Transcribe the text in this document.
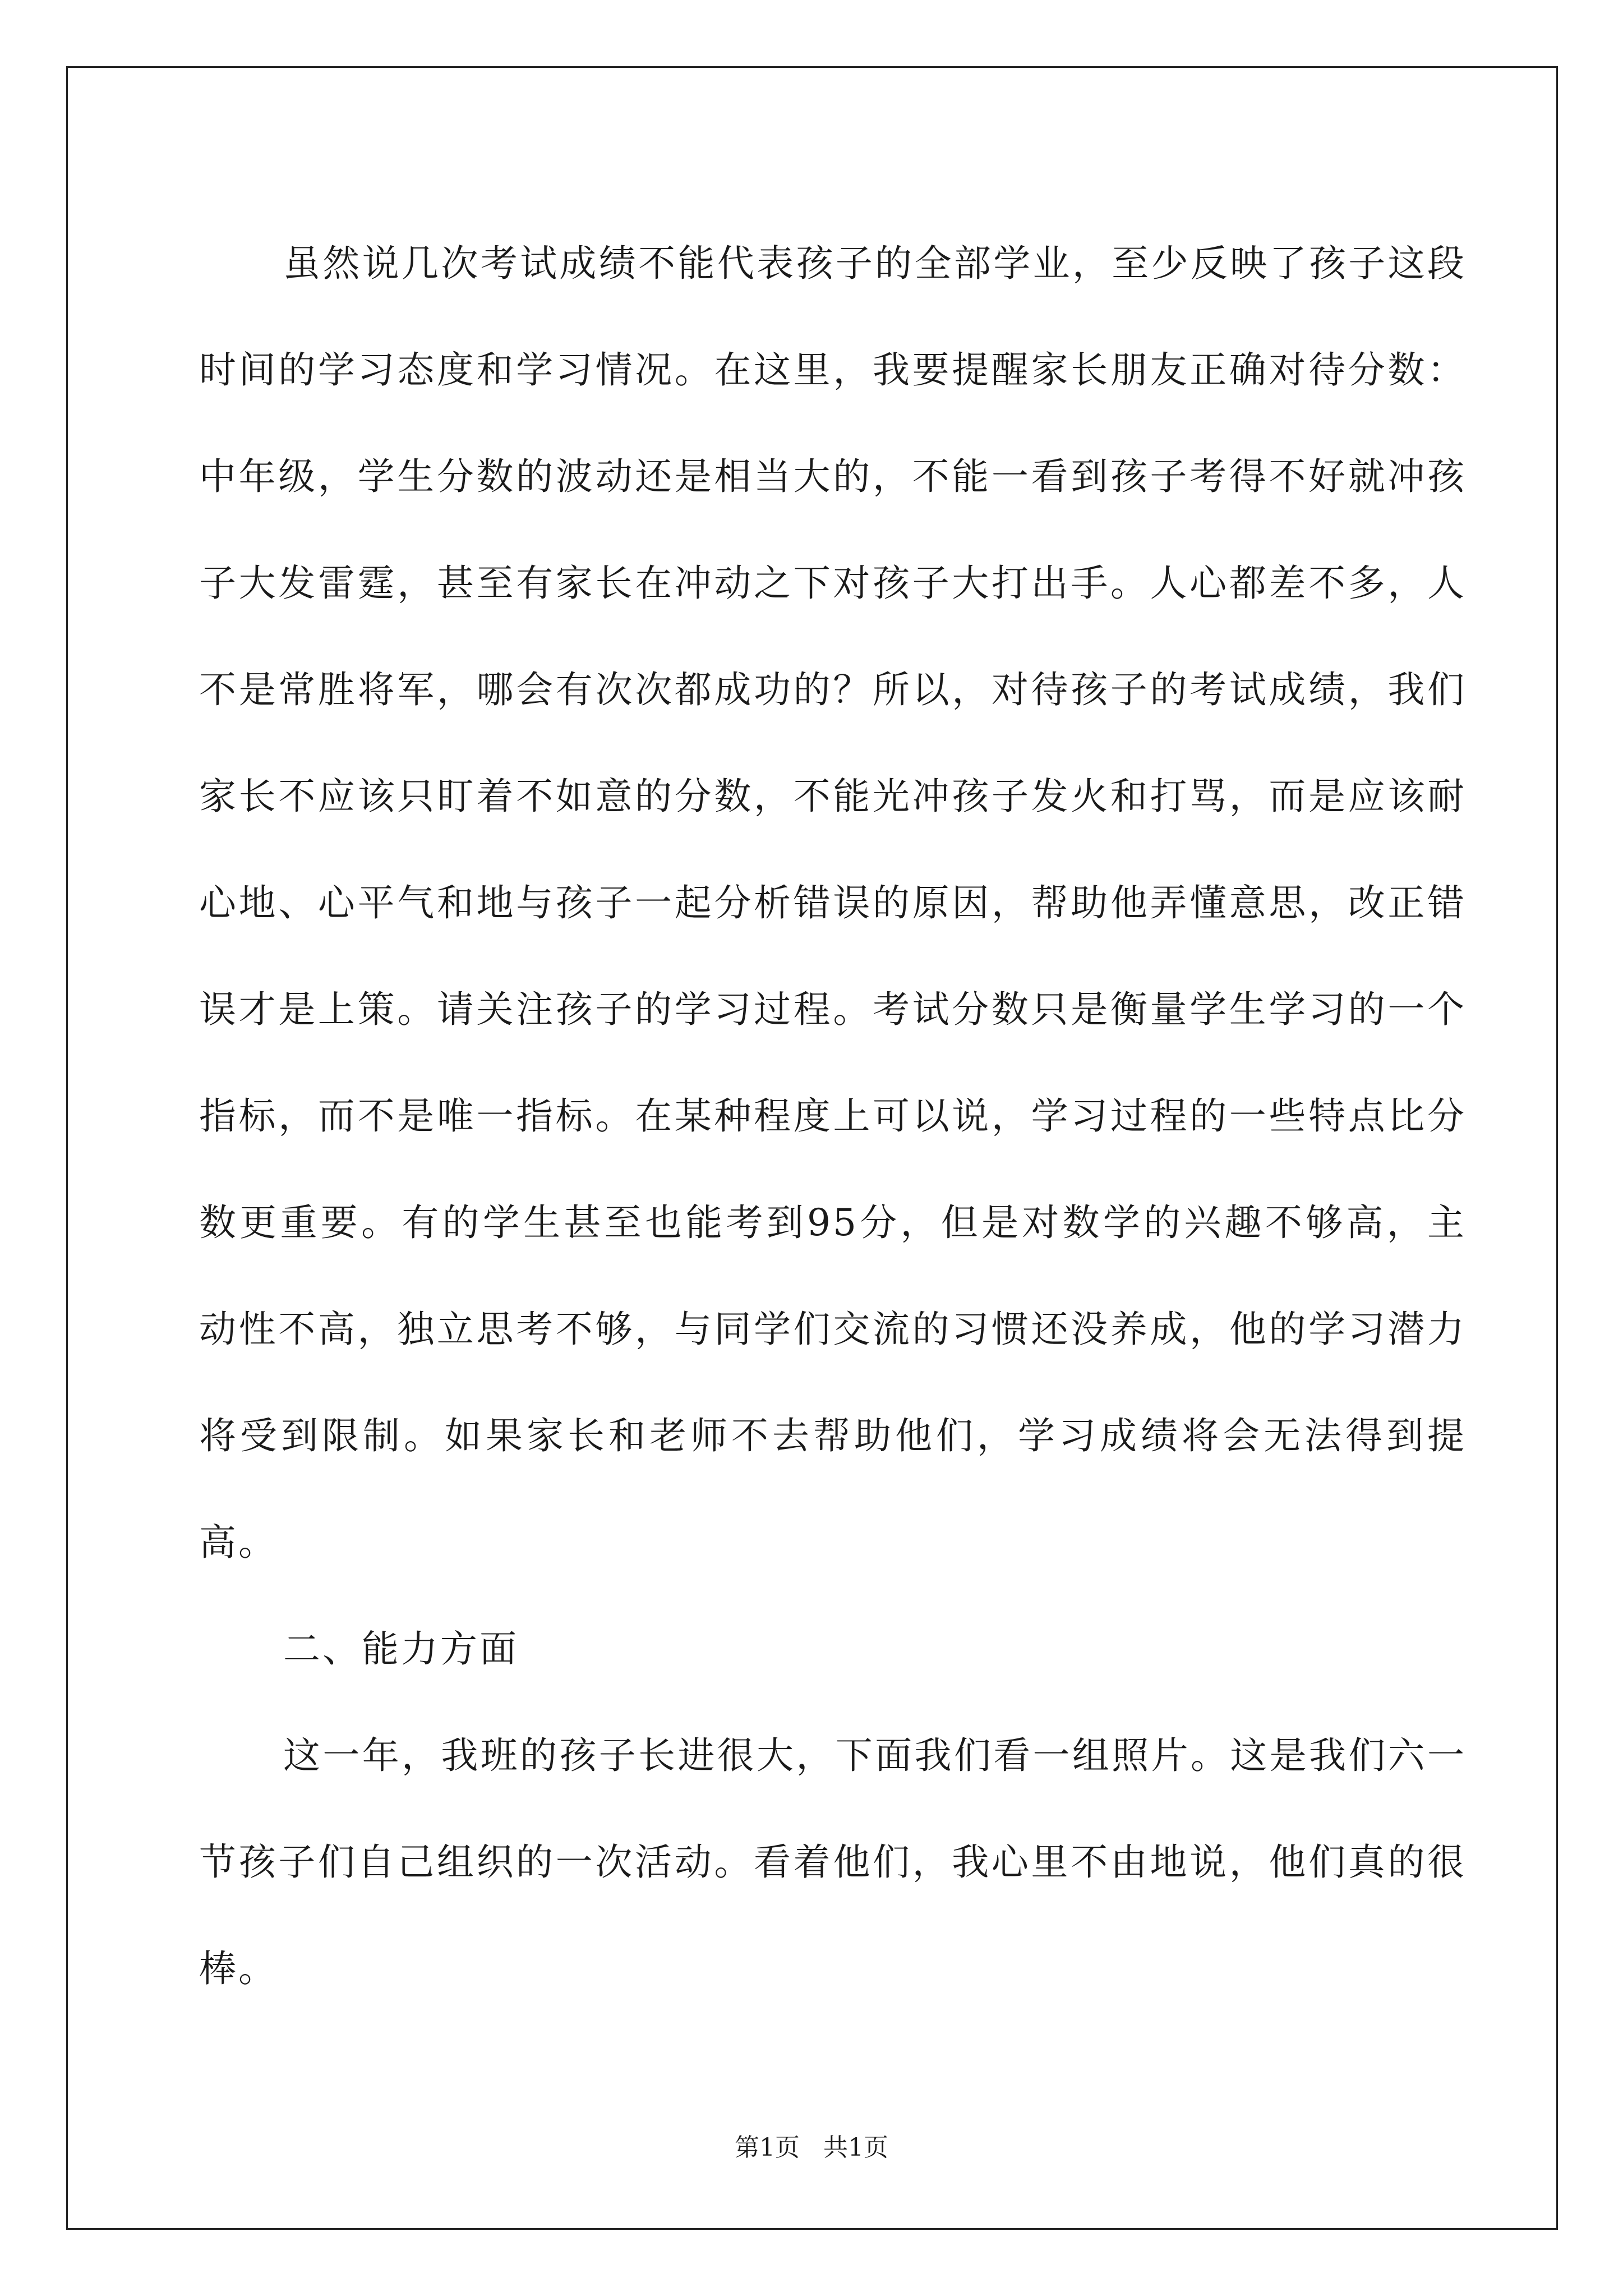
虽然说几次考试成绩不能代表孩子的全部学业，至少反映了孩子这段时间的学习态度和学习情况。在这里，我要提醒家长朋友正确对待分数：中年级，学生分数的波动还是相当大的，不能一看到孩子考得不好就冲孩子大发雷霆，甚至有家长在冲动之下对孩子大打出手。人心都差不多，人不是常胜将军，哪会有次次都成功的？所以，对待孩子的考试成绩，我们家长不应该只盯着不如意的分数，不能光冲孩子发火和打骂，而是应该耐心地、心平气和地与孩子一起分析错误的原因，帮助他弄懂意思，改正错误才是上策。请关注孩子的学习过程。考试分数只是衡量学生学习的一个指标，而不是唯一指标。在某种程度上可以说，学习过程的一些特点比分数更重要。有的学生甚至也能考到95分，但是对数学的兴趣不够高，主动性不高，独立思考不够，与同学们交流的习惯还没养成，他的学习潜力将受到限制。如果家长和老师不去帮助他们，学习成绩将会无法得到提高。

二、能力方面

这一年，我班的孩子长进很大，下面我们看一组照片。这是我们六一节孩子们自己组织的一次活动。看着他们，我心里不由地说，他们真的很棒。

第1页   共1页
